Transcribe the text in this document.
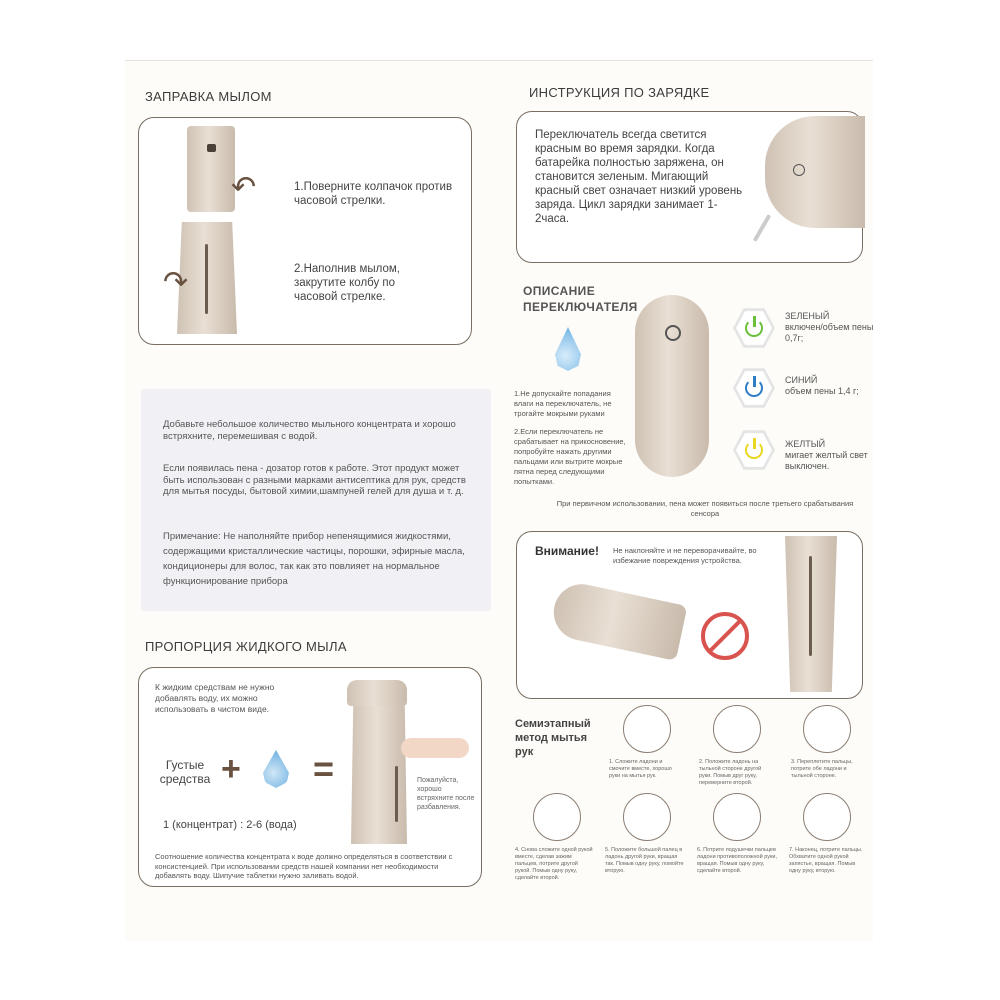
ЗАПРАВКА МЫЛОМ
↶
↷
1.Поверните колпачок против часовой стрелки.
2.Наполнив мылом, закрутите колбу по часовой стрелке.
Добавьте небольшое количество мыльного концентрата и хорошо встряхните, перемешивая с водой.
Если появилась пена - дозатор готов к работе. Этот продукт может быть использован с разными марками антисептика для рук, средств для мытья посуды, бытовой химии,шампуней гелей для душа и т. д.
Примечание: Не наполняйте прибор непенящимися жидкостями, содержащими кристаллические частицы, порошки, эфирные масла, кондиционеры для волос, так как это повлияет на нормальное функционирование прибора
ПРОПОРЦИЯ ЖИДКОГО МЫЛА
К жидким средствам не нужно добавлять воду, их можно использовать в чистом виде.
Густые средства + =
1 (концентрат) : 2-6 (вода)
Пожалуйста, хорошо встряхните после разбавления.
Соотношение количества концентрата к воде должно определяться в соответствии с консистенцией. При использовании средств нашей компании нет необходимости добавлять воду. Шипучие таблетки нужно заливать водой.
ИНСТРУКЦИЯ ПО ЗАРЯДКЕ
Переключатель всегда светится красным во время зарядки. Когда батарейка полностью заряжена, он становится зеленым. Мигающий красный свет означает низкий уровень заряда. Цикл зарядки занимает 1-2часа.
ОПИСАНИЕ ПЕРЕКЛЮЧАТЕЛЯ
1.Не допускайте попадания влаги на переключатель, не трогайте мокрыми руками
2.Если переключатель не срабатывает на прикосновение, попробуйте нажать другими пальцами или вытрите мокрые пятна перед следующими попытками.
ЗЕЛЕНЫЙ
включен/объем пены 0,7г;
СИНИЙ
объем пены 1,4 г;
ЖЕЛТЫЙ
мигает желтый свет выключен.
При первичном использовании, пена может появиться после третьего срабатывания сенсора
Внимание! Не наклоняйте и не переворачивайте, во избежание повреждения устройства.
Семиэтапный метод мытья рук
1. Сложите ладони и смочите вместе, хорошо руки на мытья рук.
2. Положите ладонь на тыльной стороне другой руки. Помыв друг руку, переверните второй.
3. Переплетите пальцы, потрите обе ладони и тыльной стороне.
4. Снова сложите одной рукой вместе, сделав зажим пальцев, потрите другой рукой. Помыв одну руку, сделайте второй.
5. Положите большой палец в ладонь другой руки, вращая так. Помыв одну руку, помойте вторую.
6. Потрите подушечки пальцев ладони противоположной руки, вращая. Помыв одну руку, сделайте второй.
7. Наконец, потрите пальцы. Обхватите одной рукой запястье, вращая. Помыв одну руку, вторую.
